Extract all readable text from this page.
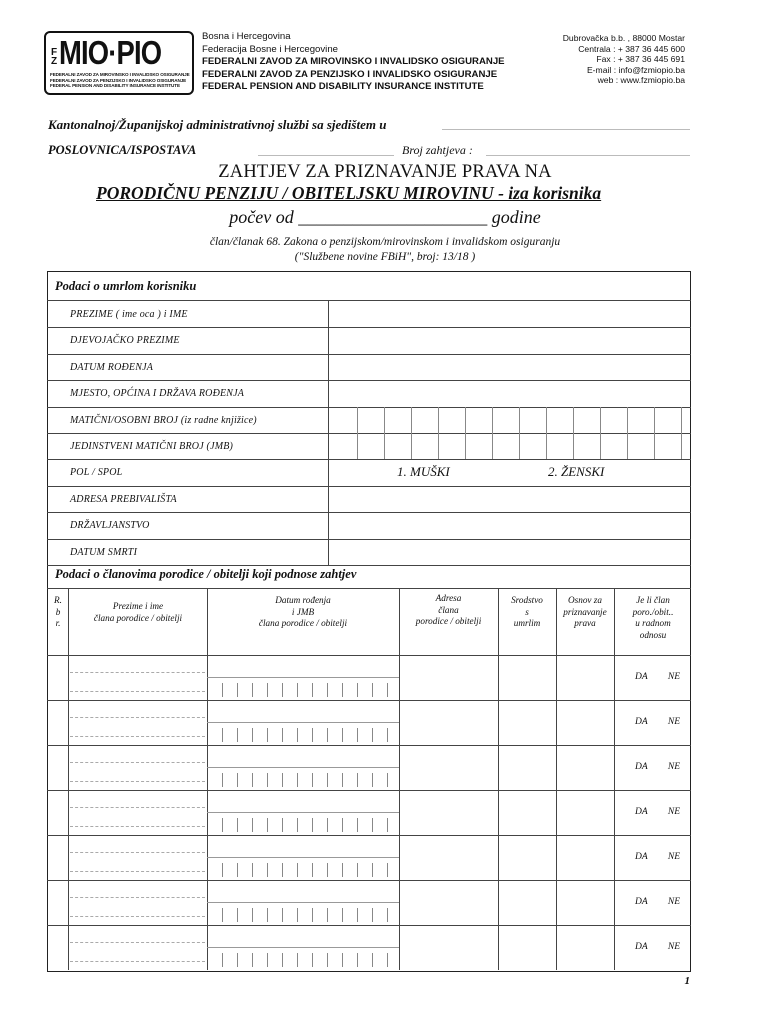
F Z MIO·PIO
FEDERALNI ZAVOD ZA MIROVINSKO I INVALIDSKO OSIGURANJE
FEDERALNI ZAVOD ZA PENZIJSKO I INVALIDSKO OSIGURANJE
FEDERAL PENSION AND DISABILITY INSURANCE INSTITUTE
Bosna i Hercegovina
Federacija Bosne i Hercegovine
FEDERALNI ZAVOD ZA MIROVINSKO I INVALIDSKO OSIGURANJE
FEDERALNI ZAVOD ZA PENZIJSKO I INVALIDSKO OSIGURANJE
FEDERAL PENSION AND DISABILITY INSURANCE INSTITUTE
Dubrovačka b.b. , 88000 Mostar
Centrala : + 387 36 445 600
Fax : + 387 36 445 691
E-mail : info@fzmiopio.ba
web : www.fzmiopio.ba
Kantonalnoj/Županijskoj administrativnoj službi sa sjedištem u
POSLOVNICA/ISPOSTAVA	Broj zahtjeva :
ZAHTJEV ZA PRIZNAVANJE PRAVA NA
PORODIČNU PENZIJU / OBITELJSKU MIROVINU - iza korisnika
počev od _____________________ godine
član/članak 68. Zakona o penzijskom/mirovinskom i invalidskom osiguranju
("Službene novine FBiH", broj: 13/18 )
Podaci o umrlom korisniku
PREZIME ( ime oca ) i IME
DJEVOJAČKO PREZIME
DATUM ROĐENJA
MJESTO, OPĆINA I DRŽAVA ROĐENJA
MATIČNI/OSOBNI BROJ (iz radne knjižice)
JEDINSTVENI MATIČNI BROJ (JMB)
POL / SPOL
ADRESA PREBIVALIŠTA
DRŽAVLJANSTVO
DATUM SMRTI
1. MUŠKI	2. ŽENSKI
Podaci o članovima porodice / obitelji koji podnose zahtjev
R.
b
r.
Prezime i ime
člana porodice / obitelji
Datum rođenja
i JMB
člana porodice / obitelji
Adresa
člana
porodice / obitelji
Srodstvo
s
umrlim
Osnov za
priznavanje
prava
Je li član
poro./obit..
u radnom
odnosu
DA NE
DA NE
DA NE
DA NE
DA NE
DA NE
DA NE
1
